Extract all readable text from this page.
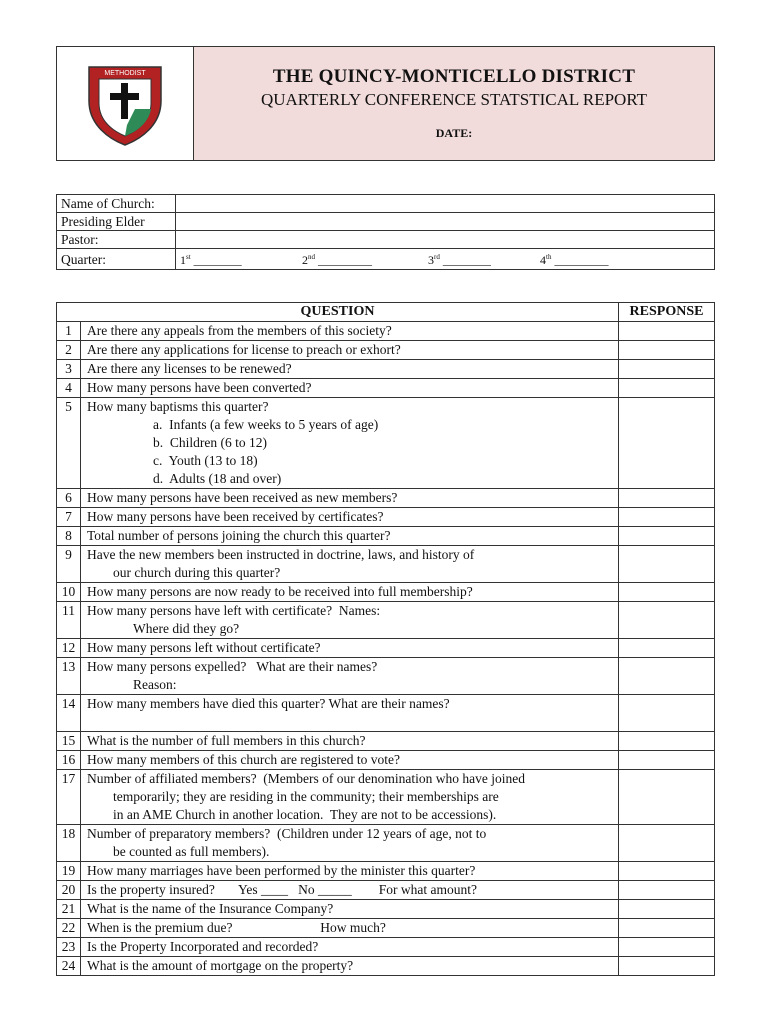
METHODIST	THE QUINCY-MONTICELLO DISTRICT
QUARTERLY CONFERENCE STATSTICAL REPORT
DATE:
Name of Church:	
Presiding Elder	
Pastor:	
Quarter:	1st ________ 2nd _________ 3rd ________ 4th _________
QUESTION		RESPONSE
1	Are there any appeals from the members of this society?	

2	Are there any applications for license to preach or exhort?	

3	Are there any licenses to be renewed?	

4	How many persons have been converted?	

5	How many baptisms this quarter?
a.  Infants (a few weeks to 5 years of age)
b.  Children (6 to 12)
c.  Youth (13 to 18)
d.  Adults (18 and over)	

6	How many persons have been received as new members?	

7	How many persons have been received by certificates?	

8	Total number of persons joining the church this quarter?	

9	Have the new members been instructed in doctrine, laws, and history of
our church during this quarter?	

10	How many persons are now ready to be received into full membership?	

11	How many persons have left with certificate?  Names:
Where did they go?	

12	How many persons left without certificate?	

13	How many persons expelled?   What are their names?
Reason:	

14	How many members have died this quarter? What are their names?	

15	What is the number of full members in this church?	

16	How many members of this church are registered to vote?	

17	Number of affiliated members?  (Members of our denomination who have joined
temporarily; they are residing in the community; their memberships are
in an AME Church in another location.  They are not to be accessions).	

18	Number of preparatory members?  (Children under 12 years of age, not to
be counted as full members).	

19	How many marriages have been performed by the minister this quarter?	

20	Is the property insured?       Yes ____   No _____        For what amount?	

21	What is the name of the Insurance Company?	

22	When is the premium due?                          How much?	

23	Is the Property Incorporated and recorded?	

24	What is the amount of mortgage on the property?	
